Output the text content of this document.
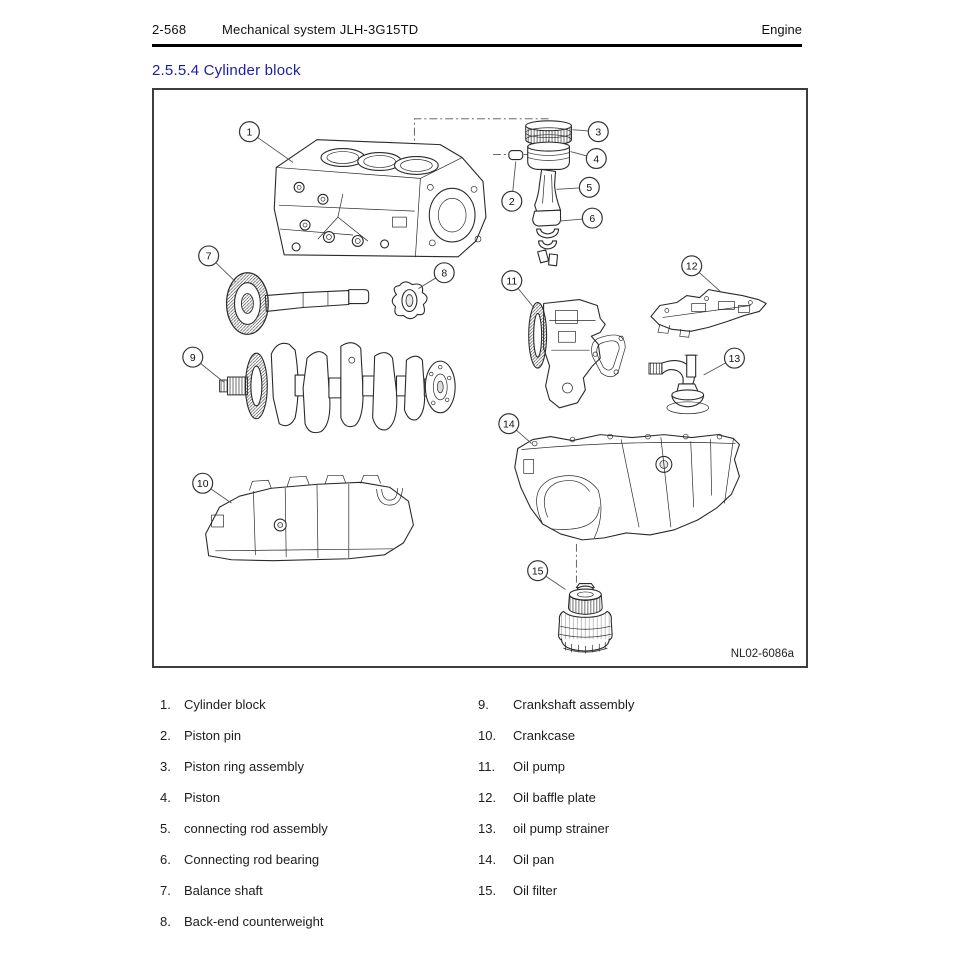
2-568	Mechanical system JLH-3G15TD	Engine
2.5.5.4 Cylinder block
1
2
3
4
5
6
7
8
9
10
11
12
13
14
15
NL02-6086a
1.	Cylinder block
2.	Piston pin
3.	Piston ring assembly
4.	Piston
5.	connecting rod assembly
6.	Connecting rod bearing
7.	Balance shaft
8.	Back-end counterweight
9.	Crankshaft assembly
10.	Crankcase
11.	Oil pump
12.	Oil baffle plate
13.	oil pump strainer
14.	Oil pan
15.	Oil filter
